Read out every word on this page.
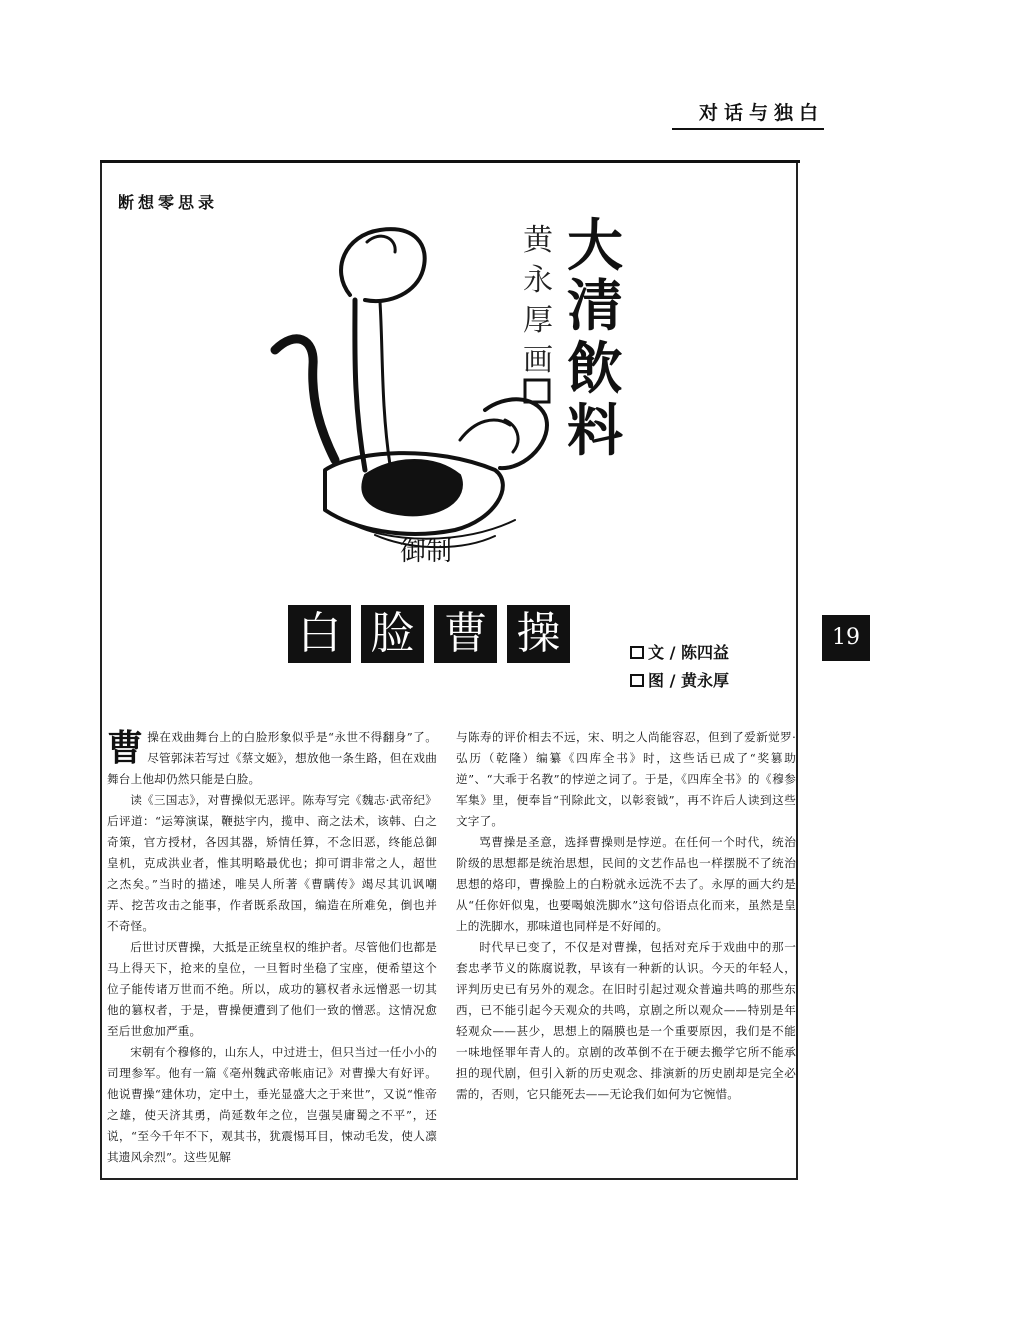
对话与独白
断想零思录
大
清
飲
料
黄
永
厚
画
御制
白 脸 曹 操	文 / 陈四益
图 / 黄永厚
19

曹操在戏曲舞台上的白脸形象似乎是“永世不得翻身”了。尽管郭沫若写过《蔡文姬》，想放他一条生路，但在戏曲舞台上他却仍然只能是白脸。

读《三国志》，对曹操似无恶评。陈寿写完《魏志·武帝纪》后评道：“运筹演谋，鞭挞宇内，揽申、商之法术，该韩、白之奇策，官方授材，各因其器，矫情任算，不念旧恶，终能总御皇机，克成洪业者，惟其明略最优也；抑可谓非常之人，超世之杰矣。”当时的描述，唯吴人所著《曹瞒传》竭尽其讥讽嘲弄、挖苦攻击之能事，作者既系敌国，编造在所难免，倒也并不奇怪。

后世讨厌曹操，大抵是正统皇权的维护者。尽管他们也都是马上得天下，抢来的皇位，一旦暂时坐稳了宝座，便希望这个位子能传诸万世而不绝。所以，成功的篡权者永远憎恶一切其他的篡权者，于是，曹操便遭到了他们一致的憎恶。这情况愈至后世愈加严重。

宋朝有个穆修的，山东人，中过进士，但只当过一任小小的司理参军。他有一篇《亳州魏武帝帐庙记》对曹操大有好评。他说曹操“建休功，定中土，垂光显盛大之于来世”，又说“惟帝之雄，使天济其勇，尚延数年之位，岂强吴庸蜀之不平”，还说，“至今千年不下，观其书，犹震惕耳目，悚动毛发，使人凛其遗风余烈”。这些见解

与陈寿的评价相去不远，宋、明之人尚能容忍，但到了爱新觉罗·弘历（乾隆）编纂《四库全书》时，这些话已成了“奖篡助逆”、“大乖于名教”的悖逆之词了。于是，《四库全书》的《穆参军集》里，便奉旨“刊除此文，以彰衮钺”，再不许后人读到这些文字了。

骂曹操是圣意，选择曹操则是悖逆。在任何一个时代，统治阶级的思想都是统治思想，民间的文艺作品也一样摆脱不了统治思想的烙印，曹操脸上的白粉就永远洗不去了。永厚的画大约是从“任你奸似鬼，也要喝娘洗脚水”这句俗语点化而来，虽然是皇上的洗脚水，那味道也同样是不好闻的。

时代早已变了，不仅是对曹操，包括对充斥于戏曲中的那一套忠孝节义的陈腐说教，早该有一种新的认识。今天的年轻人，评判历史已有另外的观念。在旧时引起过观众普遍共鸣的那些东西，已不能引起今天观众的共鸣，京剧之所以观众——特别是年轻观众——甚少，思想上的隔膜也是一个重要原因，我们是不能一味地怪罪年青人的。京剧的改革倒不在于硬去搬学它所不能承担的现代剧，但引入新的历史观念、排演新的历史剧却是完全必需的，否则，它只能死去——无论我们如何为它惋惜。
